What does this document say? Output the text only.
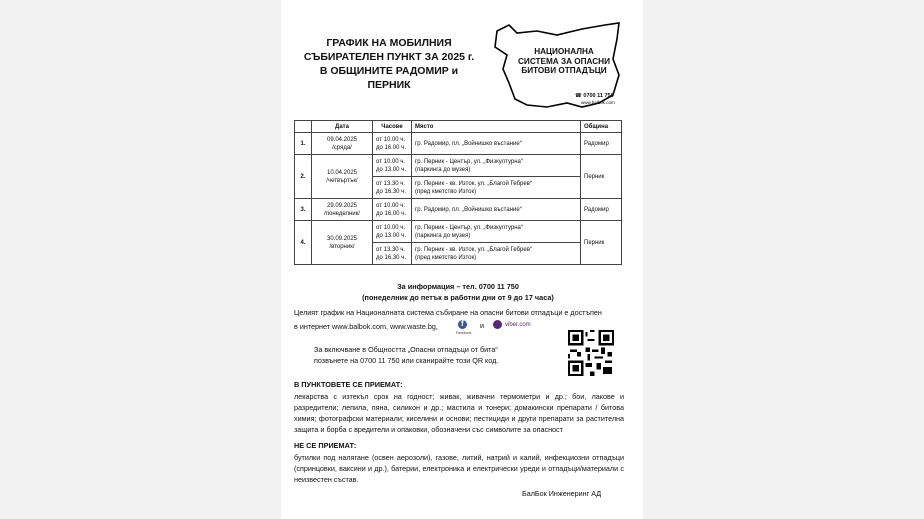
ГРАФИК НА МОБИЛНИЯ
СЪБИРАТЕЛЕН ПУНКТ ЗА 2025 г.
В ОБЩИНИТЕ РАДОМИР и
ПЕРНИК
НАЦИОНАЛНА
СИСТЕМА ЗА ОПАСНИ
БИТОВИ ОТПАДЪЦИ
☎ 0700 11 750
www.balbok.com
	Дата	Часове	Място	Община
1.	09.04.2025
/сряда/	от 10.00 ч.
до 16.00 ч.	гр. Радомир, пл. „Войнишко въстание“	Радомир
2.	10.04.2025
/четвъртък/	от 10.00 ч.
до 13.00 ч.	гр. Перник - Център, ул. „Физкултурна“
(паркинга до музея)	Перник
		от 13.30 ч.
до 16.30 ч.	гр. Перник - кв. Изток, ул. „Благой Гебрев“
(пред кметство Изток)	
3.	29.09.2025
/понеделник/	от 10.00 ч.
до 16.00 ч.	гр. Радомир, пл. „Войнишко въстание“	Радомир
4.	30.09.2025
/вторник/	от 10.00 ч.
до 13.00 ч.	гр. Перник - Център, ул. „Физкултурна“
(паркинга до музея)	Перник
		от 13.30 ч.
до 16.30 ч.	гр. Перник - кв. Изток, ул. „Благой Гебрев“
(пред кметство Изток)	
За информация – тел. 0700 11 750
(понеделник до петък в работни дни от 9 до 17 часа)
Целият график на Националната система събиране на опасни битови отпадъци е достъпен
в интернет www.balbok.com, www.waste.bg,	f
Facebook
и	viber.com
За включване в Общността „Опасни отпадъци от бита“
позвънете на 0700 11 750 или сканирайте този QR код.
В ПУНКТОВЕТЕ СЕ ПРИЕМАТ:
лекарства с изтекъл срок на годност; живак, живачни термометри и др.; бои, лакове и разредители; лепила, пяна, силикон и др.; мастила и тонери; домакински препарати / битова химия; фотографски материали; киселини и основи; пестициди и други препарати за растителна защита и борба с вредители и опаковки, обозначени със символите за опасност
НЕ СЕ ПРИЕМАТ:
бутилки под налягане (освен аерозоли), газове, литий, натрий и калий, инфекциозни отпадъци (спринцовки, ваксини и др.), батерии, електроника и електрически уреди и отпадъци/материали с неизвестен състав.
БалБок Инженеринг АД
